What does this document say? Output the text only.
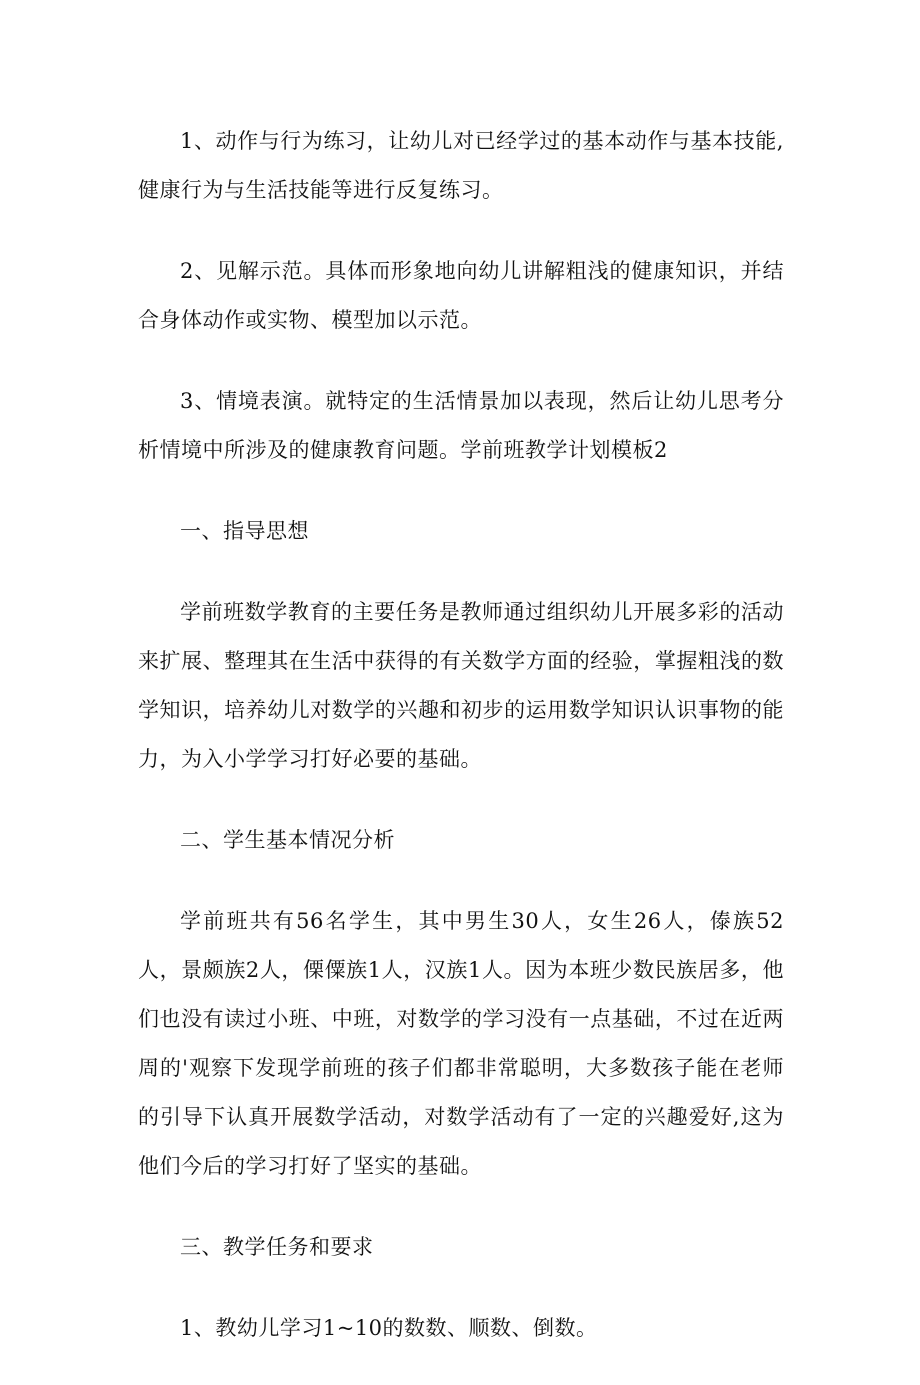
1、动作与行为练习，让幼儿对已经学过的基本动作与基本技能,健康行为与生活技能等进行反复练习。

2、见解示范。具体而形象地向幼儿讲解粗浅的健康知识，并结合身体动作或实物、模型加以示范。

3、情境表演。就特定的生活情景加以表现，然后让幼儿思考分析情境中所涉及的健康教育问题。学前班教学计划模板2

一、指导思想

学前班数学教育的主要任务是教师通过组织幼儿开展多彩的活动来扩展、整理其在生活中获得的有关数学方面的经验，掌握粗浅的数学知识，培养幼儿对数学的兴趣和初步的运用数学知识认识事物的能力，为入小学学习打好必要的基础。

二、学生基本情况分析

学前班共有56名学生，其中男生30人，女生26人，傣族52人，景颇族2人，傈僳族1人，汉族1人。因为本班少数民族居多，他们也没有读过小班、中班，对数学的学习没有一点基础，不过在近两周的'观察下发现学前班的孩子们都非常聪明，大多数孩子能在老师的引导下认真开展数学活动，对数学活动有了一定的兴趣爱好,这为他们今后的学习打好了坚实的基础。

三、教学任务和要求

1、教幼儿学习1~10的数数、顺数、倒数。
